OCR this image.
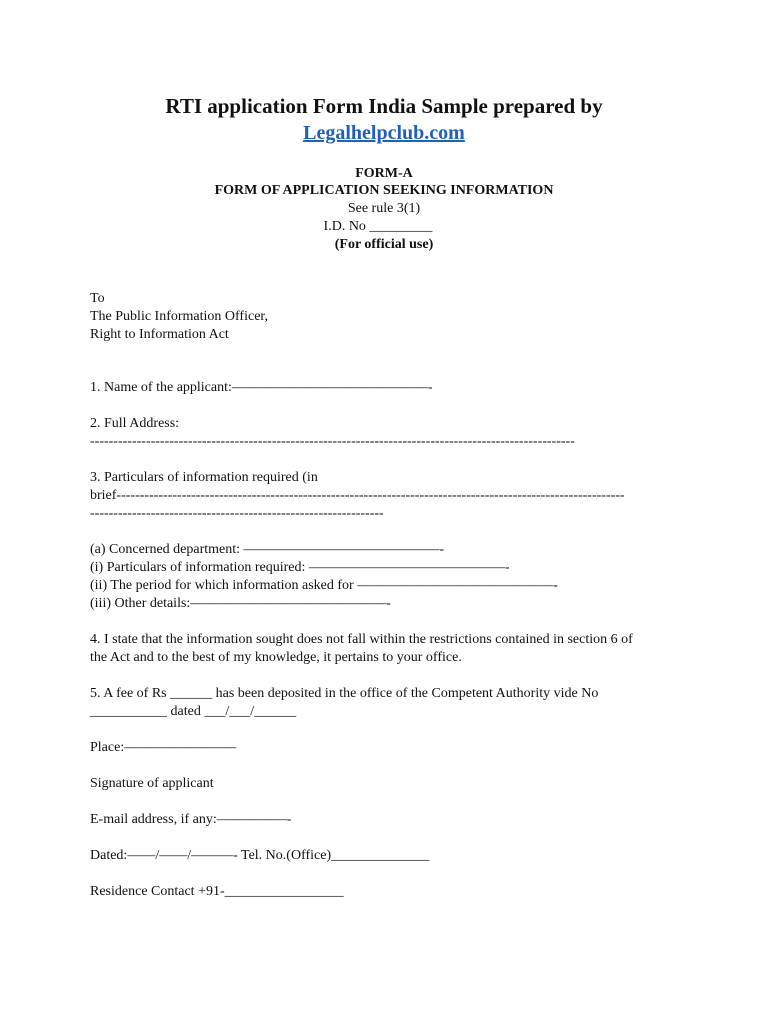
RTI application Form India Sample prepared by
Legalhelpclub.com
FORM-A
FORM OF APPLICATION SEEKING INFORMATION
See rule 3(1)
I.D. No _________
(For official use)
To
The Public Information Officer,
Right to Information Act
1. Name of the applicant:——————————————-
2. Full Address:
--------------------------------------------------------------------------------------------------------
3. Particulars of information required (in
brief-------------------------------------------------------------------------------------------------------------
---------------------------------------------------------------
(a) Concerned department: ——————————————-
(i) Particulars of information required: ——————————————-
(ii) The period for which information asked for ——————————————-
(iii) Other details:——————————————-
4. I state that the information sought does not fall within the restrictions contained in section 6 of
the Act and to the best of my knowledge, it pertains to your office.
5. A fee of Rs ______ has been deposited in the office of the Competent Authority vide No
___________ dated ___/___/______
Place:————————
Signature of applicant
E-mail address, if any:—————-
Dated:——/——/———- Tel. No.(Office)______________
Residence Contact +91-_________________
